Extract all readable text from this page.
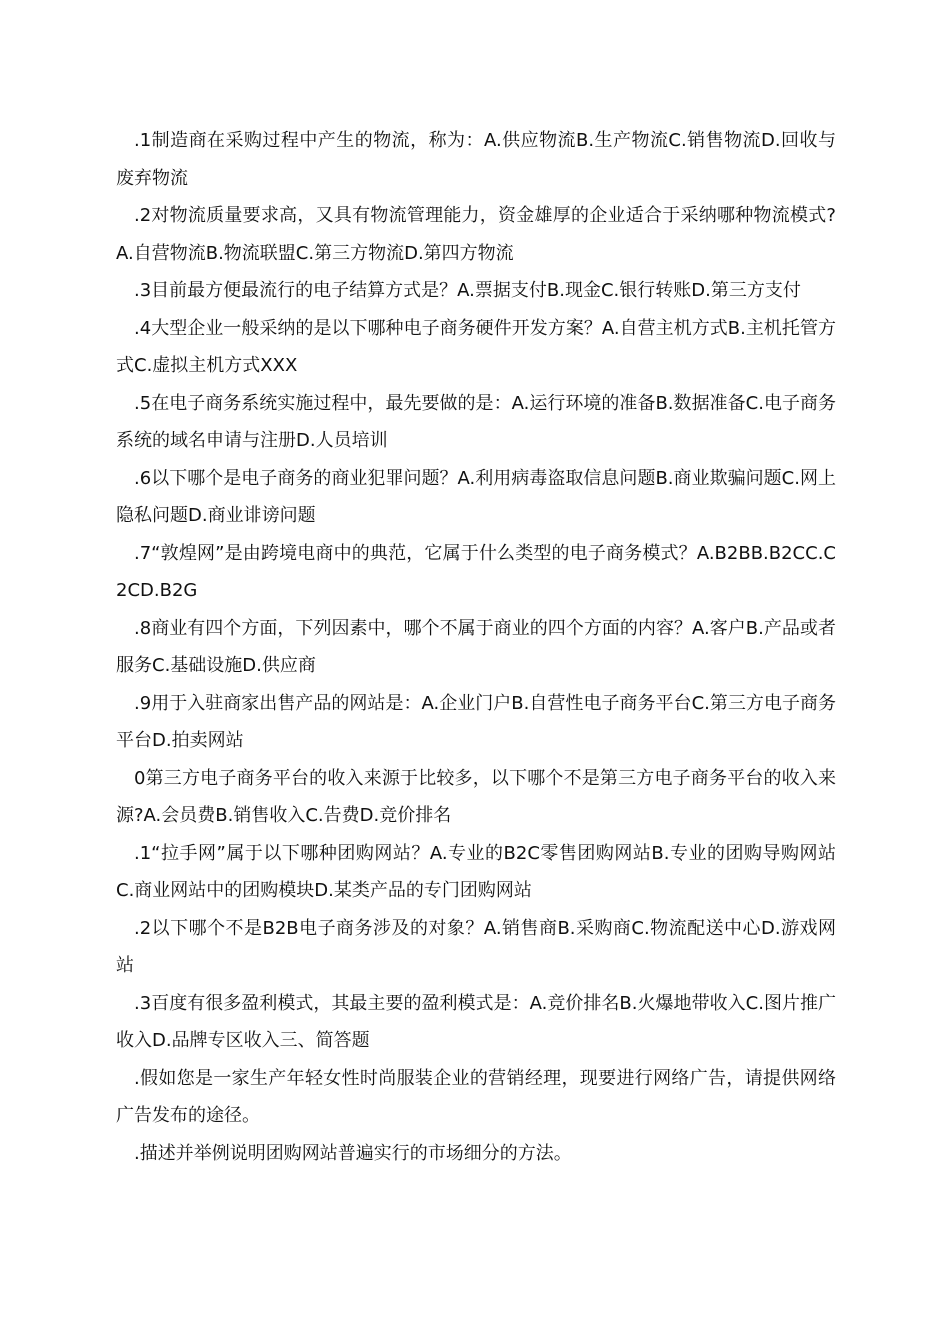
.1制造商在采购过程中产生的物流，称为：A.供应物流B.生产物流C.销售物流D.回收与废弃物流

.2对物流质量要求高，又具有物流管理能力，资金雄厚的企业适合于采纳哪种物流模式?A.自营物流B.物流联盟C.第三方物流D.第四方物流

.3目前最方便最流行的电子结算方式是？A.票据支付B.现金C.银行转账D.第三方支付

.4大型企业一般采纳的是以下哪种电子商务硬件开发方案？A.自营主机方式B.主机托管方式C.虚拟主机方式XXX

.5在电子商务系统实施过程中，最先要做的是：A.运行环境的准备B.数据准备C.电子商务系统的域名申请与注册D.人员培训

.6以下哪个是电子商务的商业犯罪问题？A.利用病毒盗取信息问题B.商业欺骗问题C.网上隐私问题D.商业诽谤问题

.7“敦煌网”是由跨境电商中的典范，它属于什么类型的电子商务模式？A.B2BB.B2CC.C2CD.B2G

.8商业有四个方面，下列因素中，哪个不属于商业的四个方面的内容？A.客户B.产品或者服务C.基础设施D.供应商

.9用于入驻商家出售产品的网站是：A.企业门户B.自营性电子商务平台C.第三方电子商务平台D.拍卖网站

0第三方电子商务平台的收入来源于比较多，以下哪个不是第三方电子商务平台的收入来源?A.会员费B.销售收入C.告费D.竞价排名

.1“拉手网”属于以下哪种团购网站？A.专业的B2C零售团购网站B.专业的团购导购网站C.商业网站中的团购模块D.某类产品的专门团购网站

.2以下哪个不是B2B电子商务涉及的对象？A.销售商B.采购商C.物流配送中心D.游戏网站

.3百度有很多盈利模式，其最主要的盈利模式是：A.竞价排名B.火爆地带收入C.图片推广收入D.品牌专区收入三、简答题

.假如您是一家生产年轻女性时尚服装企业的营销经理，现要进行网络广告，请提供网络广告发布的途径。

.描述并举例说明团购网站普遍实行的市场细分的方法。
